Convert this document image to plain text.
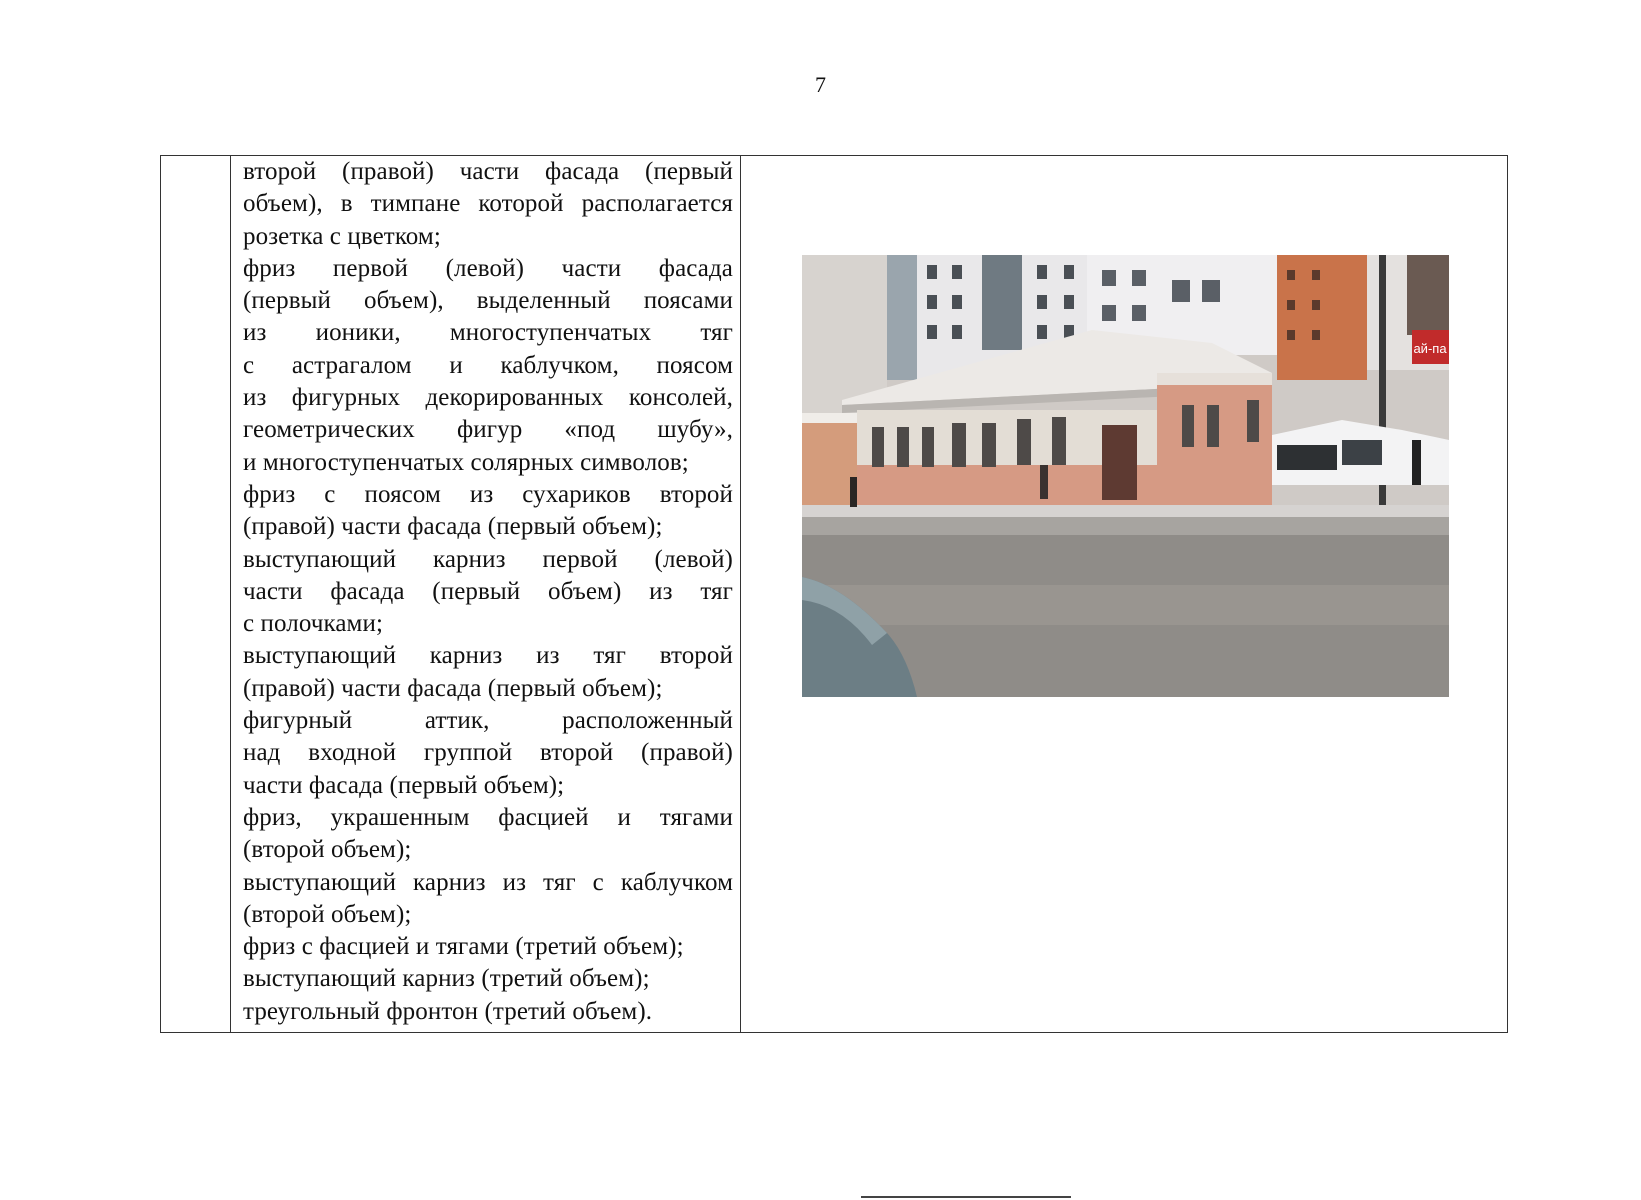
7
второй (правой) части фасада (первый
объем), в тимпане которой располагается
розетка с цветком;
фриз первой (левой) части фасада
(первый объем), выделенный поясами
из ионики, многоступенчатых тяг
с астрагалом и каблучком, поясом
из фигурных декорированных консолей,
геометрических фигур «под шубу»,
и многоступенчатых солярных символов;
фриз с поясом из сухариков второй
(правой) части фасада (первый объем);
выступающий карниз первой (левой)
части фасада (первый объем) из тяг
с полочками;
выступающий карниз из тяг второй
(правой) части фасада (первый объем);
фигурный аттик, расположенный
над входной группой второй (правой)
части фасада (первый объем);
фриз, украшенным фасцией и тягами
(второй объем);
выступающий карниз из тяг с каблучком
(второй объем);
фриз с фасцией и тягами (третий объем);
выступающий карниз (третий объем);
треугольный фронтон (третий объем).
ай-па
